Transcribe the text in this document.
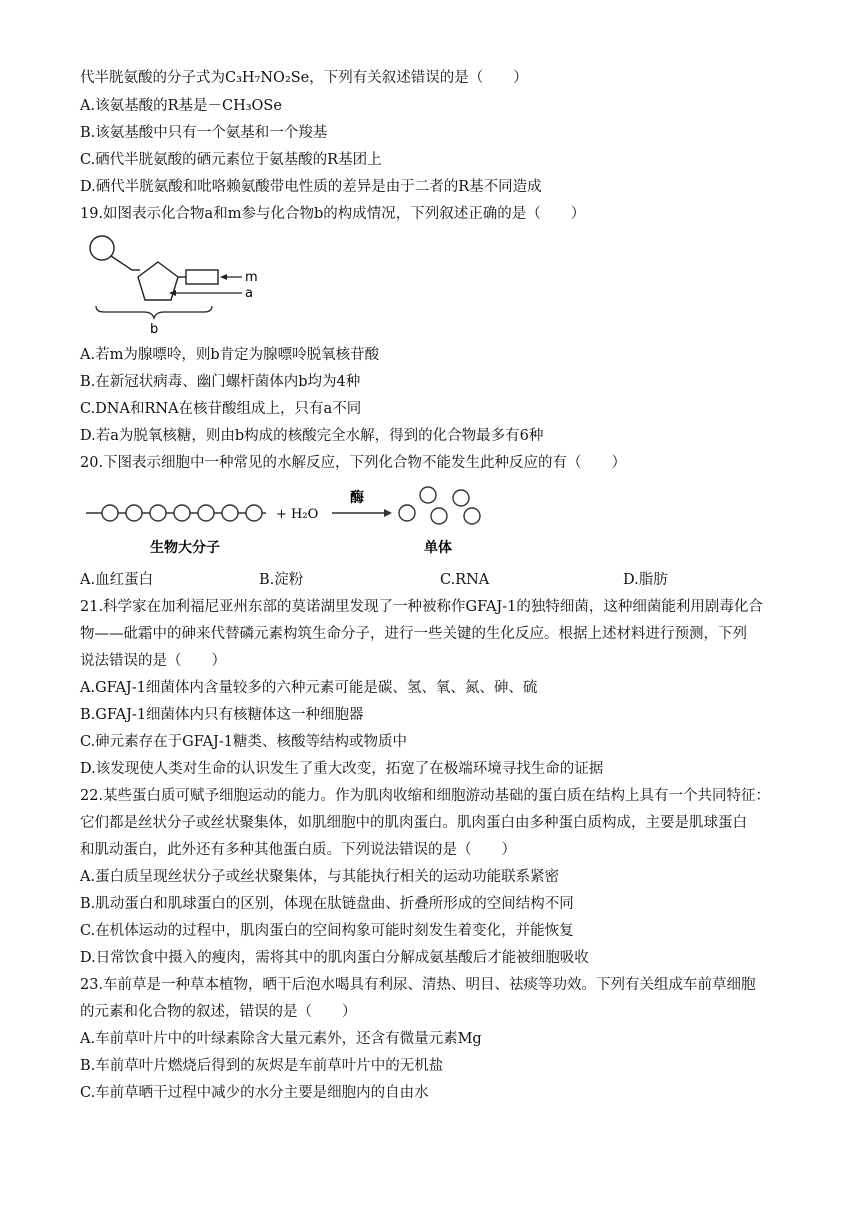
代半胱氨酸的分子式为C₃H₇NO₂Se，下列有关叙述错误的是（ ）
A.该氨基酸的R基是－CH₃OSe
B.该氨基酸中只有一个氨基和一个羧基
C.硒代半胱氨酸的硒元素位于氨基酸的R基团上
D.硒代半胱氨酸和吡咯赖氨酸带电性质的差异是由于二者的R基不同造成
19.如图表示化合物a和m参与化合物b的构成情况，下列叙述正确的是（ ）
m
a
b
A.若m为腺嘌呤，则b肯定为腺嘌呤脱氧核苷酸
B.在新冠状病毒、幽门螺杆菌体内b均为4种
C.DNA和RNA在核苷酸组成上，只有a不同
D.若a为脱氧核糖，则由b构成的核酸完全水解，得到的化合物最多有6种
20.下图表示细胞中一种常见的水解反应，下列化合物不能发生此种反应的有（ ）
+ H₂O
酶
生物大分子	单体
A.血红蛋白	B.淀粉	C.RNA	D.脂肪
21.科学家在加利福尼亚州东部的莫诺湖里发现了一种被称作GFAJ-1的独特细菌，这种细菌能利用剧毒化合
物——砒霜中的砷来代替磷元素构筑生命分子，进行一些关键的生化反应。根据上述材料进行预测，下列
说法错误的是（ ）
A.GFAJ-1细菌体内含量较多的六种元素可能是碳、氢、氧、氮、砷、硫
B.GFAJ-1细菌体内只有核糖体这一种细胞器
C.砷元素存在于GFAJ-1糖类、核酸等结构或物质中
D.该发现使人类对生命的认识发生了重大改变，拓宽了在极端环境寻找生命的证据
22.某些蛋白质可赋予细胞运动的能力。作为肌肉收缩和细胞游动基础的蛋白质在结构上具有一个共同特征：
它们都是丝状分子或丝状聚集体，如肌细胞中的肌肉蛋白。肌肉蛋白由多种蛋白质构成，主要是肌球蛋白
和肌动蛋白，此外还有多种其他蛋白质。下列说法错误的是（ ）
A.蛋白质呈现丝状分子或丝状聚集体，与其能执行相关的运动功能联系紧密
B.肌动蛋白和肌球蛋白的区别，体现在肽链盘曲、折叠所形成的空间结构不同
C.在机体运动的过程中，肌肉蛋白的空间构象可能时刻发生着变化，并能恢复
D.日常饮食中摄入的瘦肉，需将其中的肌肉蛋白分解成氨基酸后才能被细胞吸收
23.车前草是一种草本植物，晒干后泡水喝具有利尿、清热、明目、祛痰等功效。下列有关组成车前草细胞
的元素和化合物的叙述，错误的是（ ）
A.车前草叶片中的叶绿素除含大量元素外，还含有微量元素Mg
B.车前草叶片燃烧后得到的灰烬是车前草叶片中的无机盐
C.车前草晒干过程中减少的水分主要是细胞内的自由水
